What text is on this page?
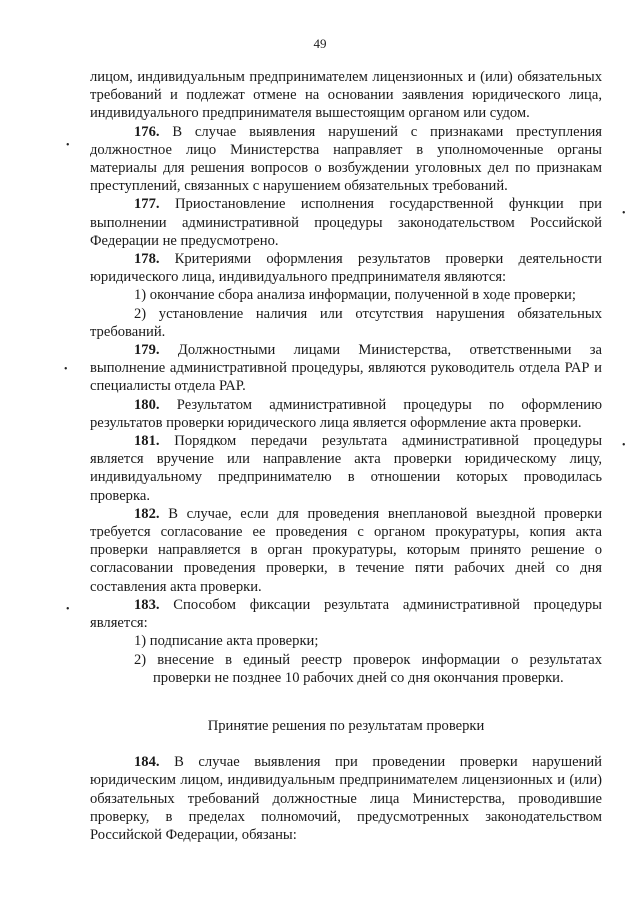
49

лицом, индивидуальным предпринимателем лицензионных и (или) обязательных требований и подлежат отмене на основании заявления юридического лица, индивидуального предпринимателя вышестоящим органом или судом.

176. В случае выявления нарушений с признаками преступления должностное лицо Министерства направляет в уполномоченные органы материалы для решения вопросов о возбуждении уголовных дел по признакам преступлений, связанных с нарушением обязательных требований.

177. Приостановление исполнения государственной функции при выполнении административной процедуры законодательством Российской Федерации не предусмотрено.

178. Критериями оформления результатов проверки деятельности юридического лица, индивидуального предпринимателя являются:

1) окончание сбора анализа информации, полученной в ходе проверки;

2) установление наличия или отсутствия нарушения обязательных требований.

179. Должностными лицами Министерства, ответственными за выполнение административной процедуры, являются руководитель отдела РАР и специалисты отдела РАР.

180. Результатом административной процедуры по оформлению результатов проверки юридического лица является оформление акта проверки.

181. Порядком передачи результата административной процедуры является вручение или направление акта проверки юридическому лицу, индивидуальному предпринимателю в отношении которых проводилась проверка.

182. В случае, если для проведения внеплановой выездной проверки требуется согласование ее проведения с органом прокуратуры, копия акта проверки направляется в орган прокуратуры, которым принято решение о согласовании проведения проверки, в течение пяти рабочих дней со дня составления акта проверки.

183. Способом фиксации результата административной процедуры является:

1) подписание акта проверки;

2) внесение в единый реестр проверок информации о результатах проверки не позднее 10 рабочих дней со дня окончания проверки.

Принятие решения по результатам проверки

184. В случае выявления при проведении проверки нарушений юридическим лицом, индивидуальным предпринимателем лицензионных и (или) обязательных требований должностные лица Министерства, проводившие проверку, в пределах полномочий, предусмотренных законодательством Российской Федерации, обязаны:

•
•
•
•
•
